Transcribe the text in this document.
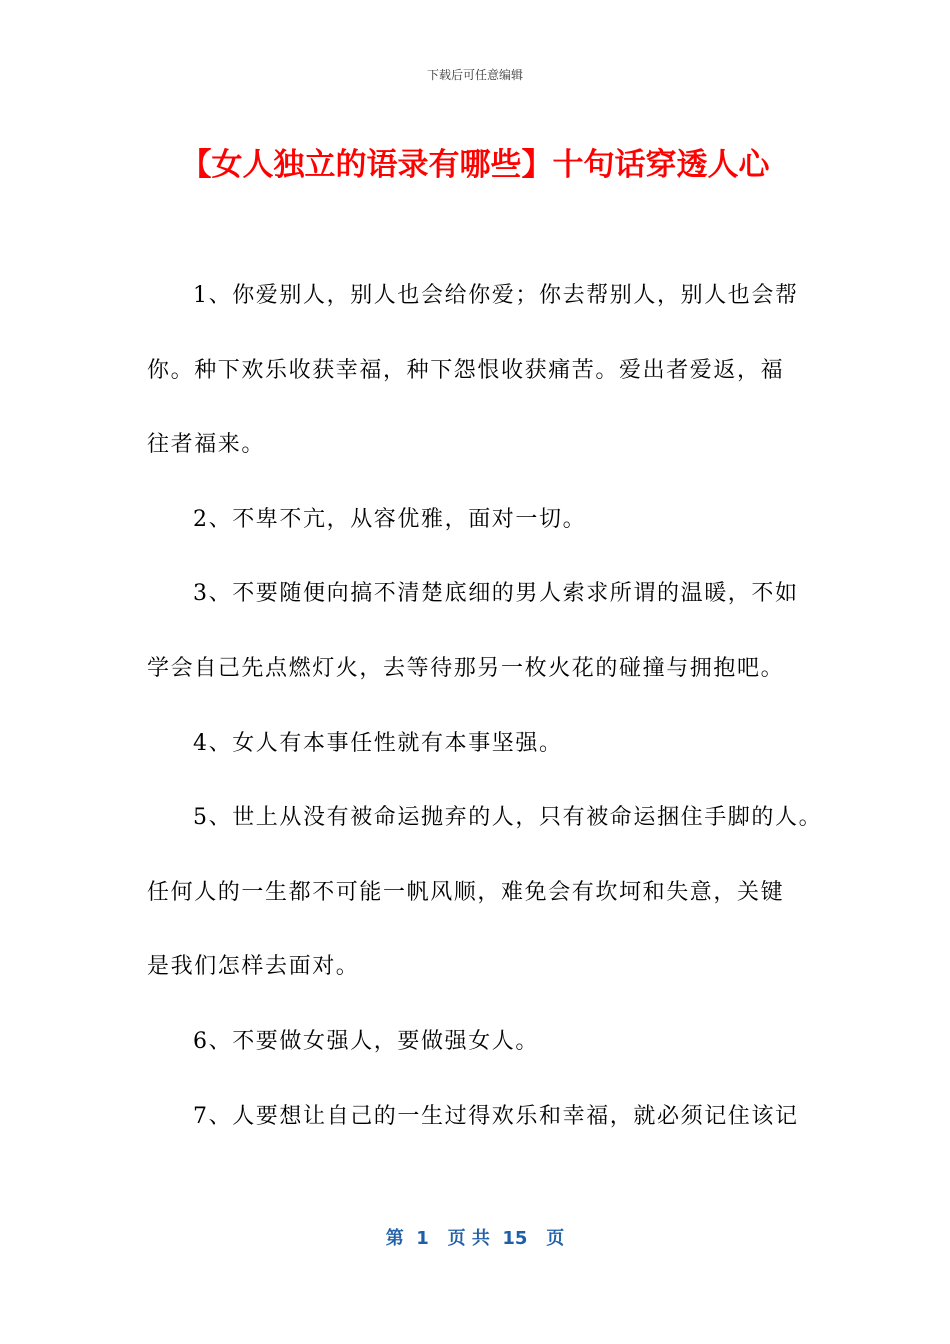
下载后可任意编辑
【女人独立的语录有哪些】十句话穿透人心

1、你爱别人，别人也会给你爱；你去帮别人，别人也会帮

你。种下欢乐收获幸福，种下怨恨收获痛苦。爱出者爱返，福

往者福来。

2、不卑不亢，从容优雅，面对一切。

3、不要随便向搞不清楚底细的男人索求所谓的温暖，不如

学会自己先点燃灯火，去等待那另一枚火花的碰撞与拥抱吧。

4、女人有本事任性就有本事坚强。

5、世上从没有被命运抛弃的人，只有被命运捆住手脚的人。

任何人的一生都不可能一帆风顺，难免会有坎坷和失意，关键

是我们怎样去面对。

6、不要做女强人，要做强女人。

7、人要想让自己的一生过得欢乐和幸福，就必须记住该记

第  1   页 共  15   页
